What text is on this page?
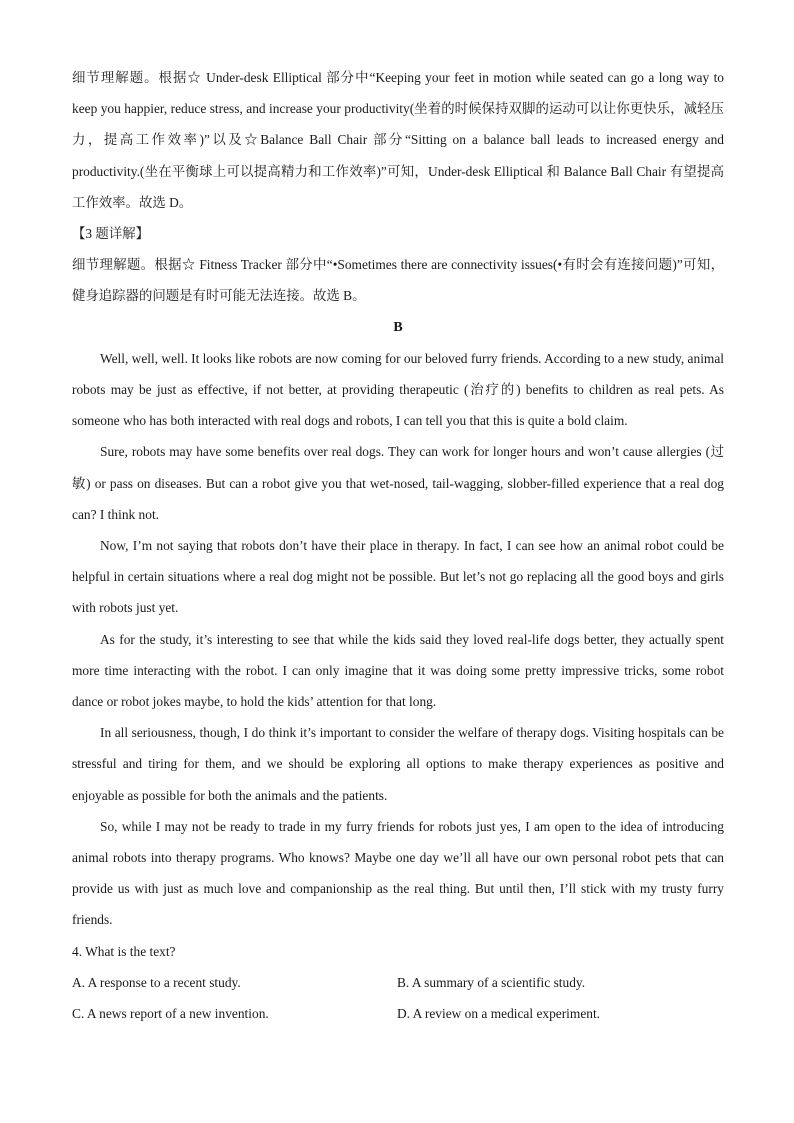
细节理解题。根据☆ Under-desk Elliptical 部分中“Keeping your feet in motion while seated can go a long way to keep you happier, reduce stress, and increase your productivity(坐着的时候保持双脚的运动可以让你更快乐，减轻压力，提高工作效率)”以及☆Balance Ball Chair 部分“Sitting on a balance ball leads to increased energy and productivity.(坐在平衡球上可以提高精力和工作效率)”可知，Under-desk Elliptical 和 Balance Ball Chair 有望提高工作效率。故选 D。

【3 题详解】

细节理解题。根据☆ Fitness Tracker 部分中“•Sometimes there are connectivity issues(•有时会有连接问题)”可知，健身追踪器的问题是有时可能无法连接。故选 B。

B

Well, well, well. It looks like robots are now coming for our beloved furry friends. According to a new study, animal robots may be just as effective, if not better, at providing therapeutic (治疗的) benefits to children as real pets. As someone who has both interacted with real dogs and robots, I can tell you that this is quite a bold claim.

Sure, robots may have some benefits over real dogs. They can work for longer hours and won’t cause allergies (过敏) or pass on diseases. But can a robot give you that wet-nosed, tail-wagging, slobber-filled experience that a real dog can? I think not.

Now, I’m not saying that robots don’t have their place in therapy. In fact, I can see how an animal robot could be helpful in certain situations where a real dog might not be possible. But let’s not go replacing all the good boys and girls with robots just yet.

As for the study, it’s interesting to see that while the kids said they loved real-life dogs better, they actually spent more time interacting with the robot. I can only imagine that it was doing some pretty impressive tricks, some robot dance or robot jokes maybe, to hold the kids’ attention for that long.

In all seriousness, though, I do think it’s important to consider the welfare of therapy dogs. Visiting hospitals can be stressful and tiring for them, and we should be exploring all options to make therapy experiences as positive and enjoyable as possible for both the animals and the patients.

So, while I may not be ready to trade in my furry friends for robots just yes, I am open to the idea of introducing animal robots into therapy programs. Who knows? Maybe one day we’ll all have our own personal robot pets that can provide us with just as much love and companionship as the real thing. But until then, I’ll stick with my trusty furry friends.

4. What is the text?

A. A response to a recent study.	B. A summary of a scientific study.
C. A news report of a new invention.	D. A review on a medical experiment.
